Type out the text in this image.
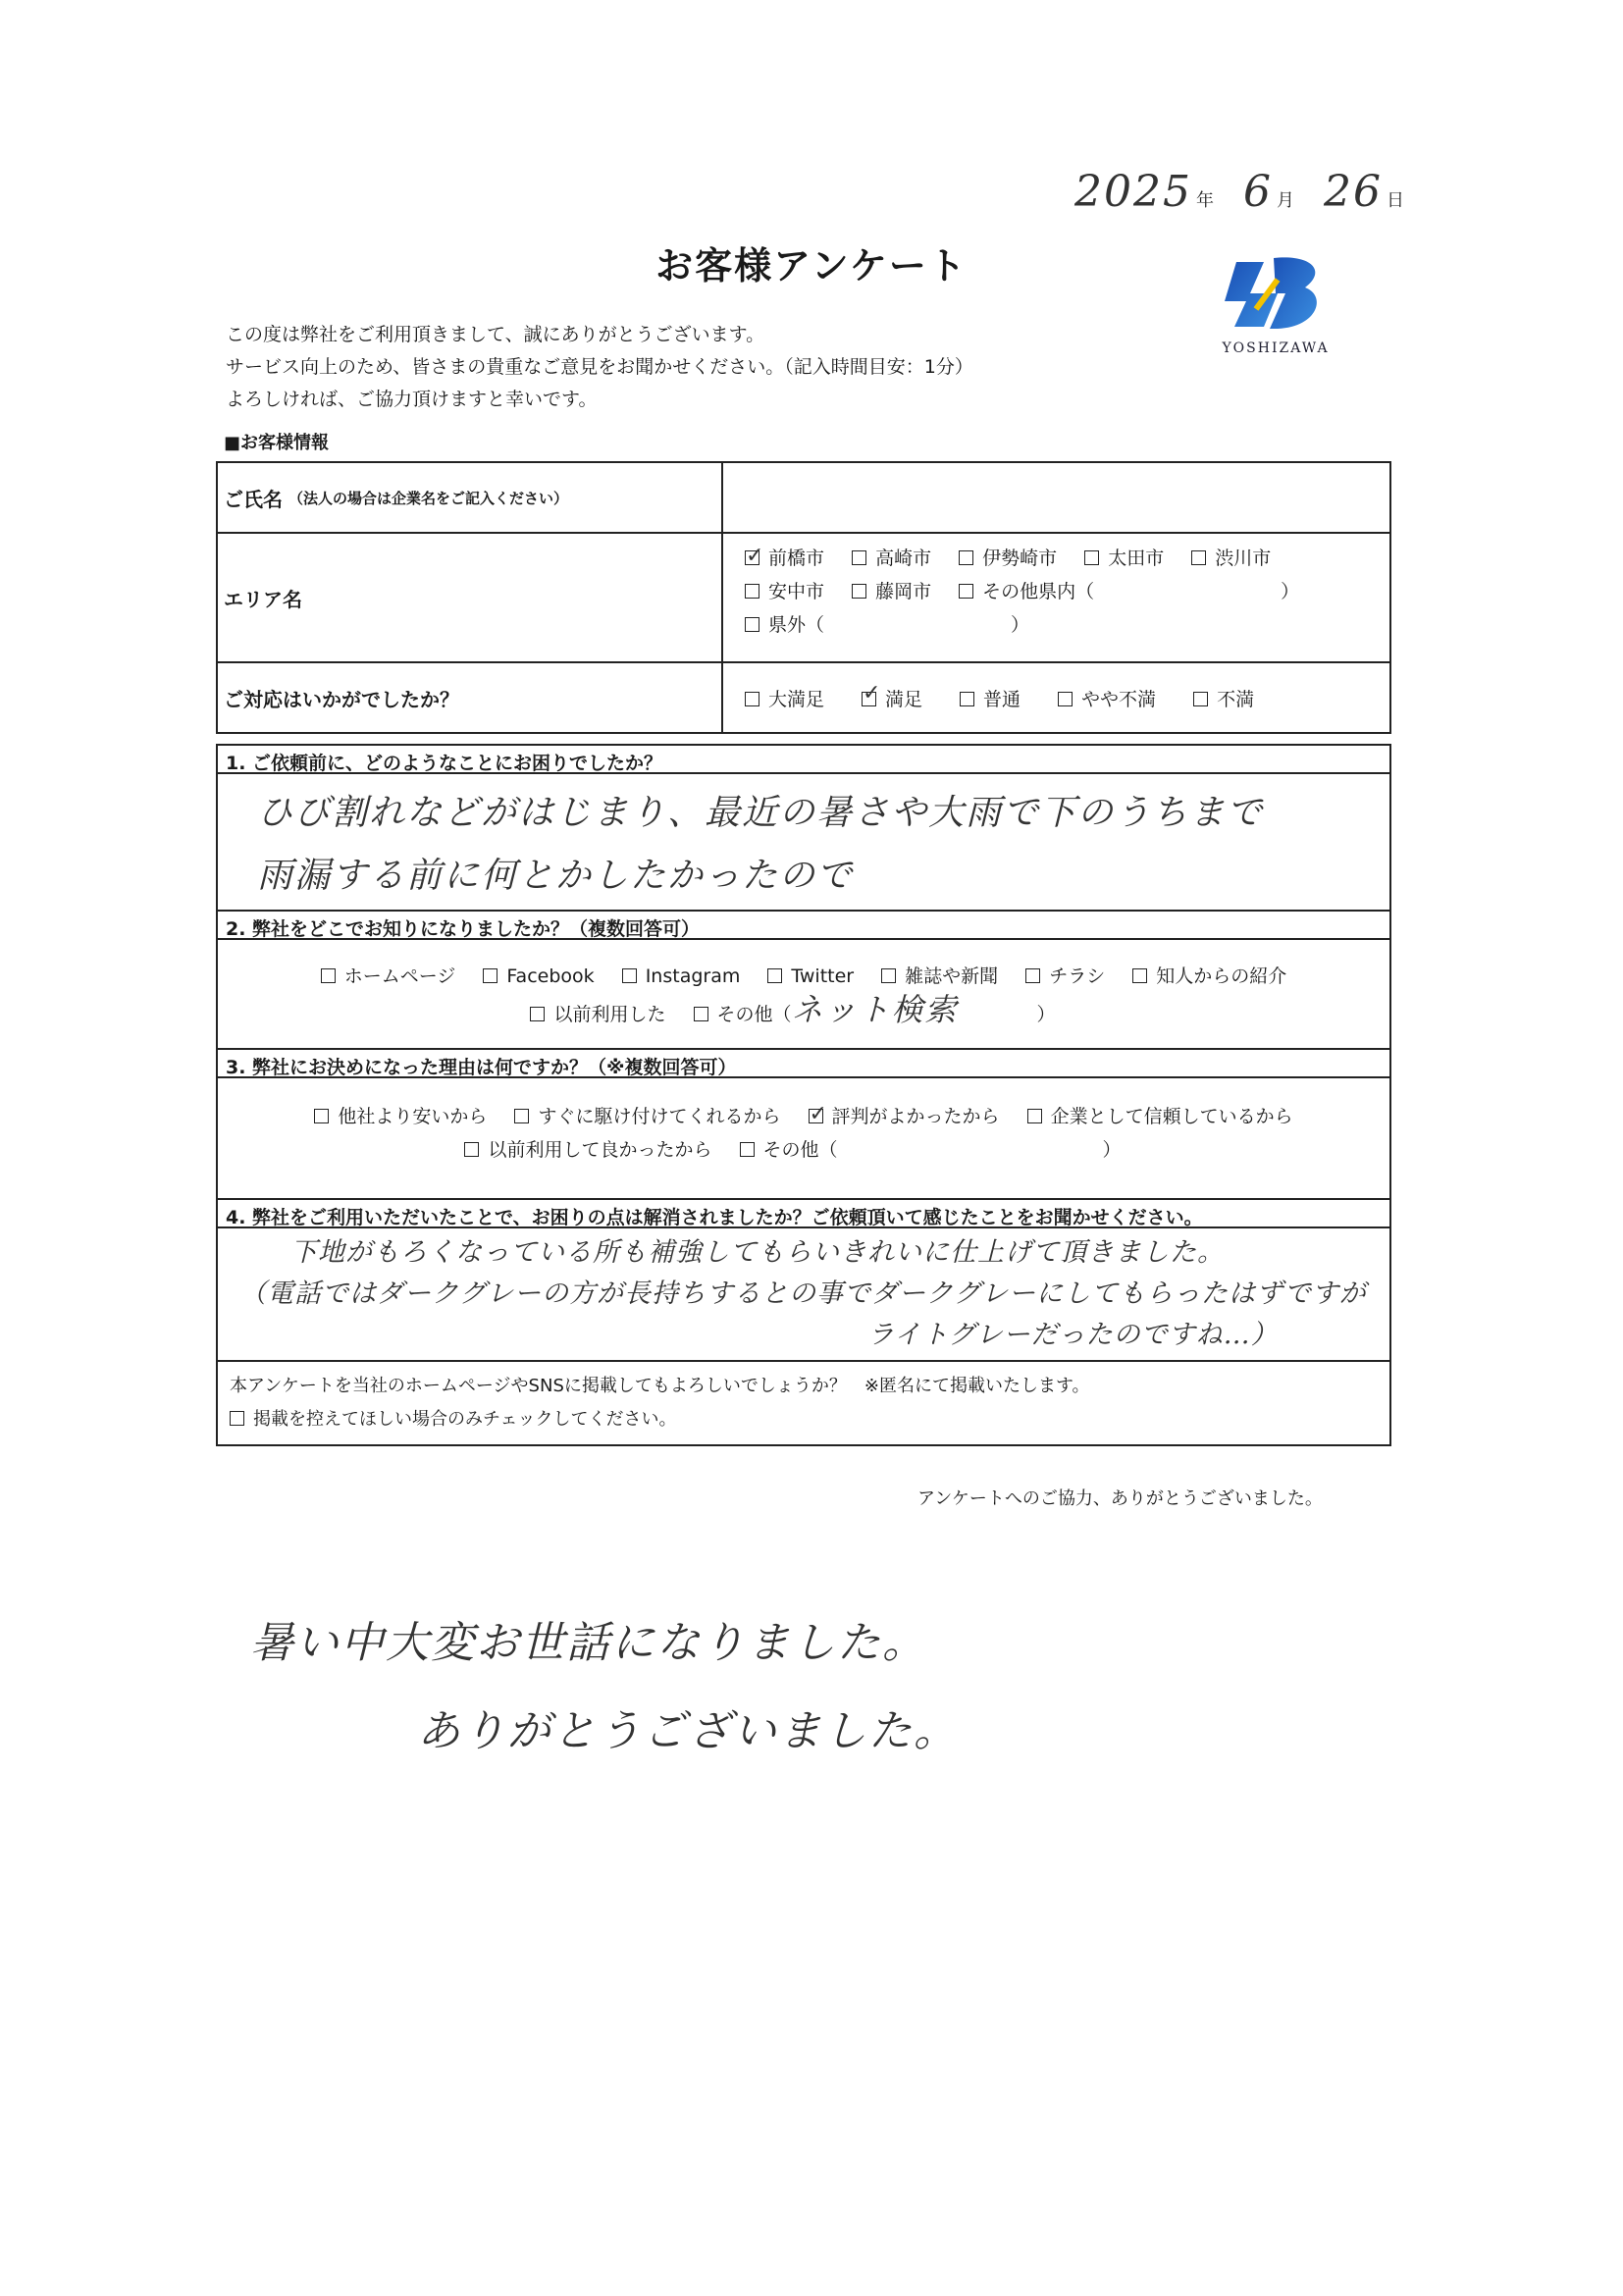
2025 年 6 月 26 日
お客様アンケート
YOSHIZAWA
この度は弊社をご利用頂きまして、誠にありがとうございます。
サービス向上のため、皆さまの貴重なご意見をお聞かせください。（記入時間目安：1分）
よろしければ、ご協力頂けますと幸いです。
■お客様情報
ご氏名 （法人の場合は企業名をご記入ください）
エリア名
✓前橋市	高崎市	伊勢崎市	太田市	渋川市
安中市	藤岡市	その他県内（	）
県外（	）
ご対応はいかがでしたか？	大満足 ✓	満足	普通	やや不満	不満
1. ご依頼前に、どのようなことにお困りでしたか？
ひび割れなどがはじまり、最近の暑さや大雨で下のうちまで
雨漏する前に何とかしたかったので
2. 弊社をどこでお知りになりましたか？（複数回答可）
ホームページ	Facebook	Instagram	Twitter	雑誌や新聞	チラシ	知人からの紹介
以前利用した	その他（ネット検索	）
3. 弊社にお決めになった理由は何ですか？（※複数回答可）
他社より安いから	すぐに駆け付けてくれるから ✓	評判がよかったから	企業として信頼しているから
以前利用して良かったから	その他（	）
4. 弊社をご利用いただいたことで、お困りの点は解消されましたか？ご依頼頂いて感じたことをお聞かせください。
下地がもろくなっている所も補強してもらいきれいに仕上げて頂きました。
（電話ではダークグレーの方が長持ちするとの事でダークグレーにしてもらったはずですが
ライトグレーだったのですね…）
本アンケートを当社のホームページやSNSに掲載してもよろしいでしょうか？　※匿名にて掲載いたします。
掲載を控えてほしい場合のみチェックしてください。
アンケートへのご協力、ありがとうございました。
暑い中大変お世話になりました。
ありがとうございました。
